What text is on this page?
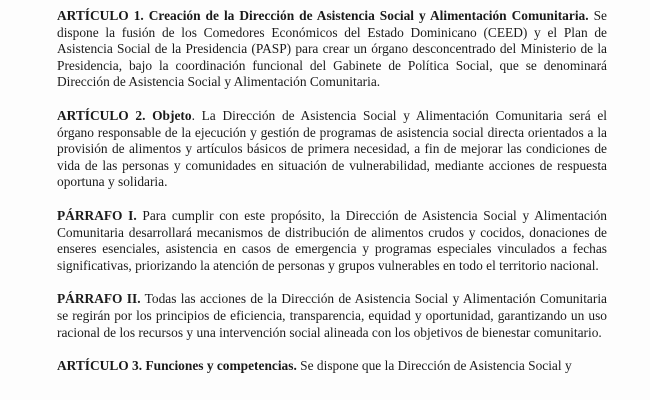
ARTÍCULO 1. Creación de la Dirección de Asistencia Social y Alimentación Comunitaria. Se dispone la fusión de los Comedores Económicos del Estado Dominicano (CEED) y el Plan de Asistencia Social de la Presidencia (PASP) para crear un órgano desconcentrado del Ministerio de la Presidencia, bajo la coordinación funcional del Gabinete de Política Social, que se denominará Dirección de Asistencia Social y Alimentación Comunitaria.

ARTÍCULO 2. Objeto. La Dirección de Asistencia Social y Alimentación Comunitaria será el órgano responsable de la ejecución y gestión de programas de asistencia social directa orientados a la provisión de alimentos y artículos básicos de primera necesidad, a fin de mejorar las condiciones de vida de las personas y comunidades en situación de vulnerabilidad, mediante acciones de respuesta oportuna y solidaria.

PÁRRAFO I. Para cumplir con este propósito, la Dirección de Asistencia Social y Alimentación Comunitaria desarrollará mecanismos de distribución de alimentos crudos y cocidos, donaciones de enseres esenciales, asistencia en casos de emergencia y programas especiales vinculados a fechas significativas, priorizando la atención de personas y grupos vulnerables en todo el territorio nacional.

PÁRRAFO II. Todas las acciones de la Dirección de Asistencia Social y Alimentación Comunitaria se regirán por los principios de eficiencia, transparencia, equidad y oportunidad, garantizando un uso racional de los recursos y una intervención social alineada con los objetivos de bienestar comunitario.

ARTÍCULO 3. Funciones y competencias. Se dispone que la Dirección de Asistencia Social y
